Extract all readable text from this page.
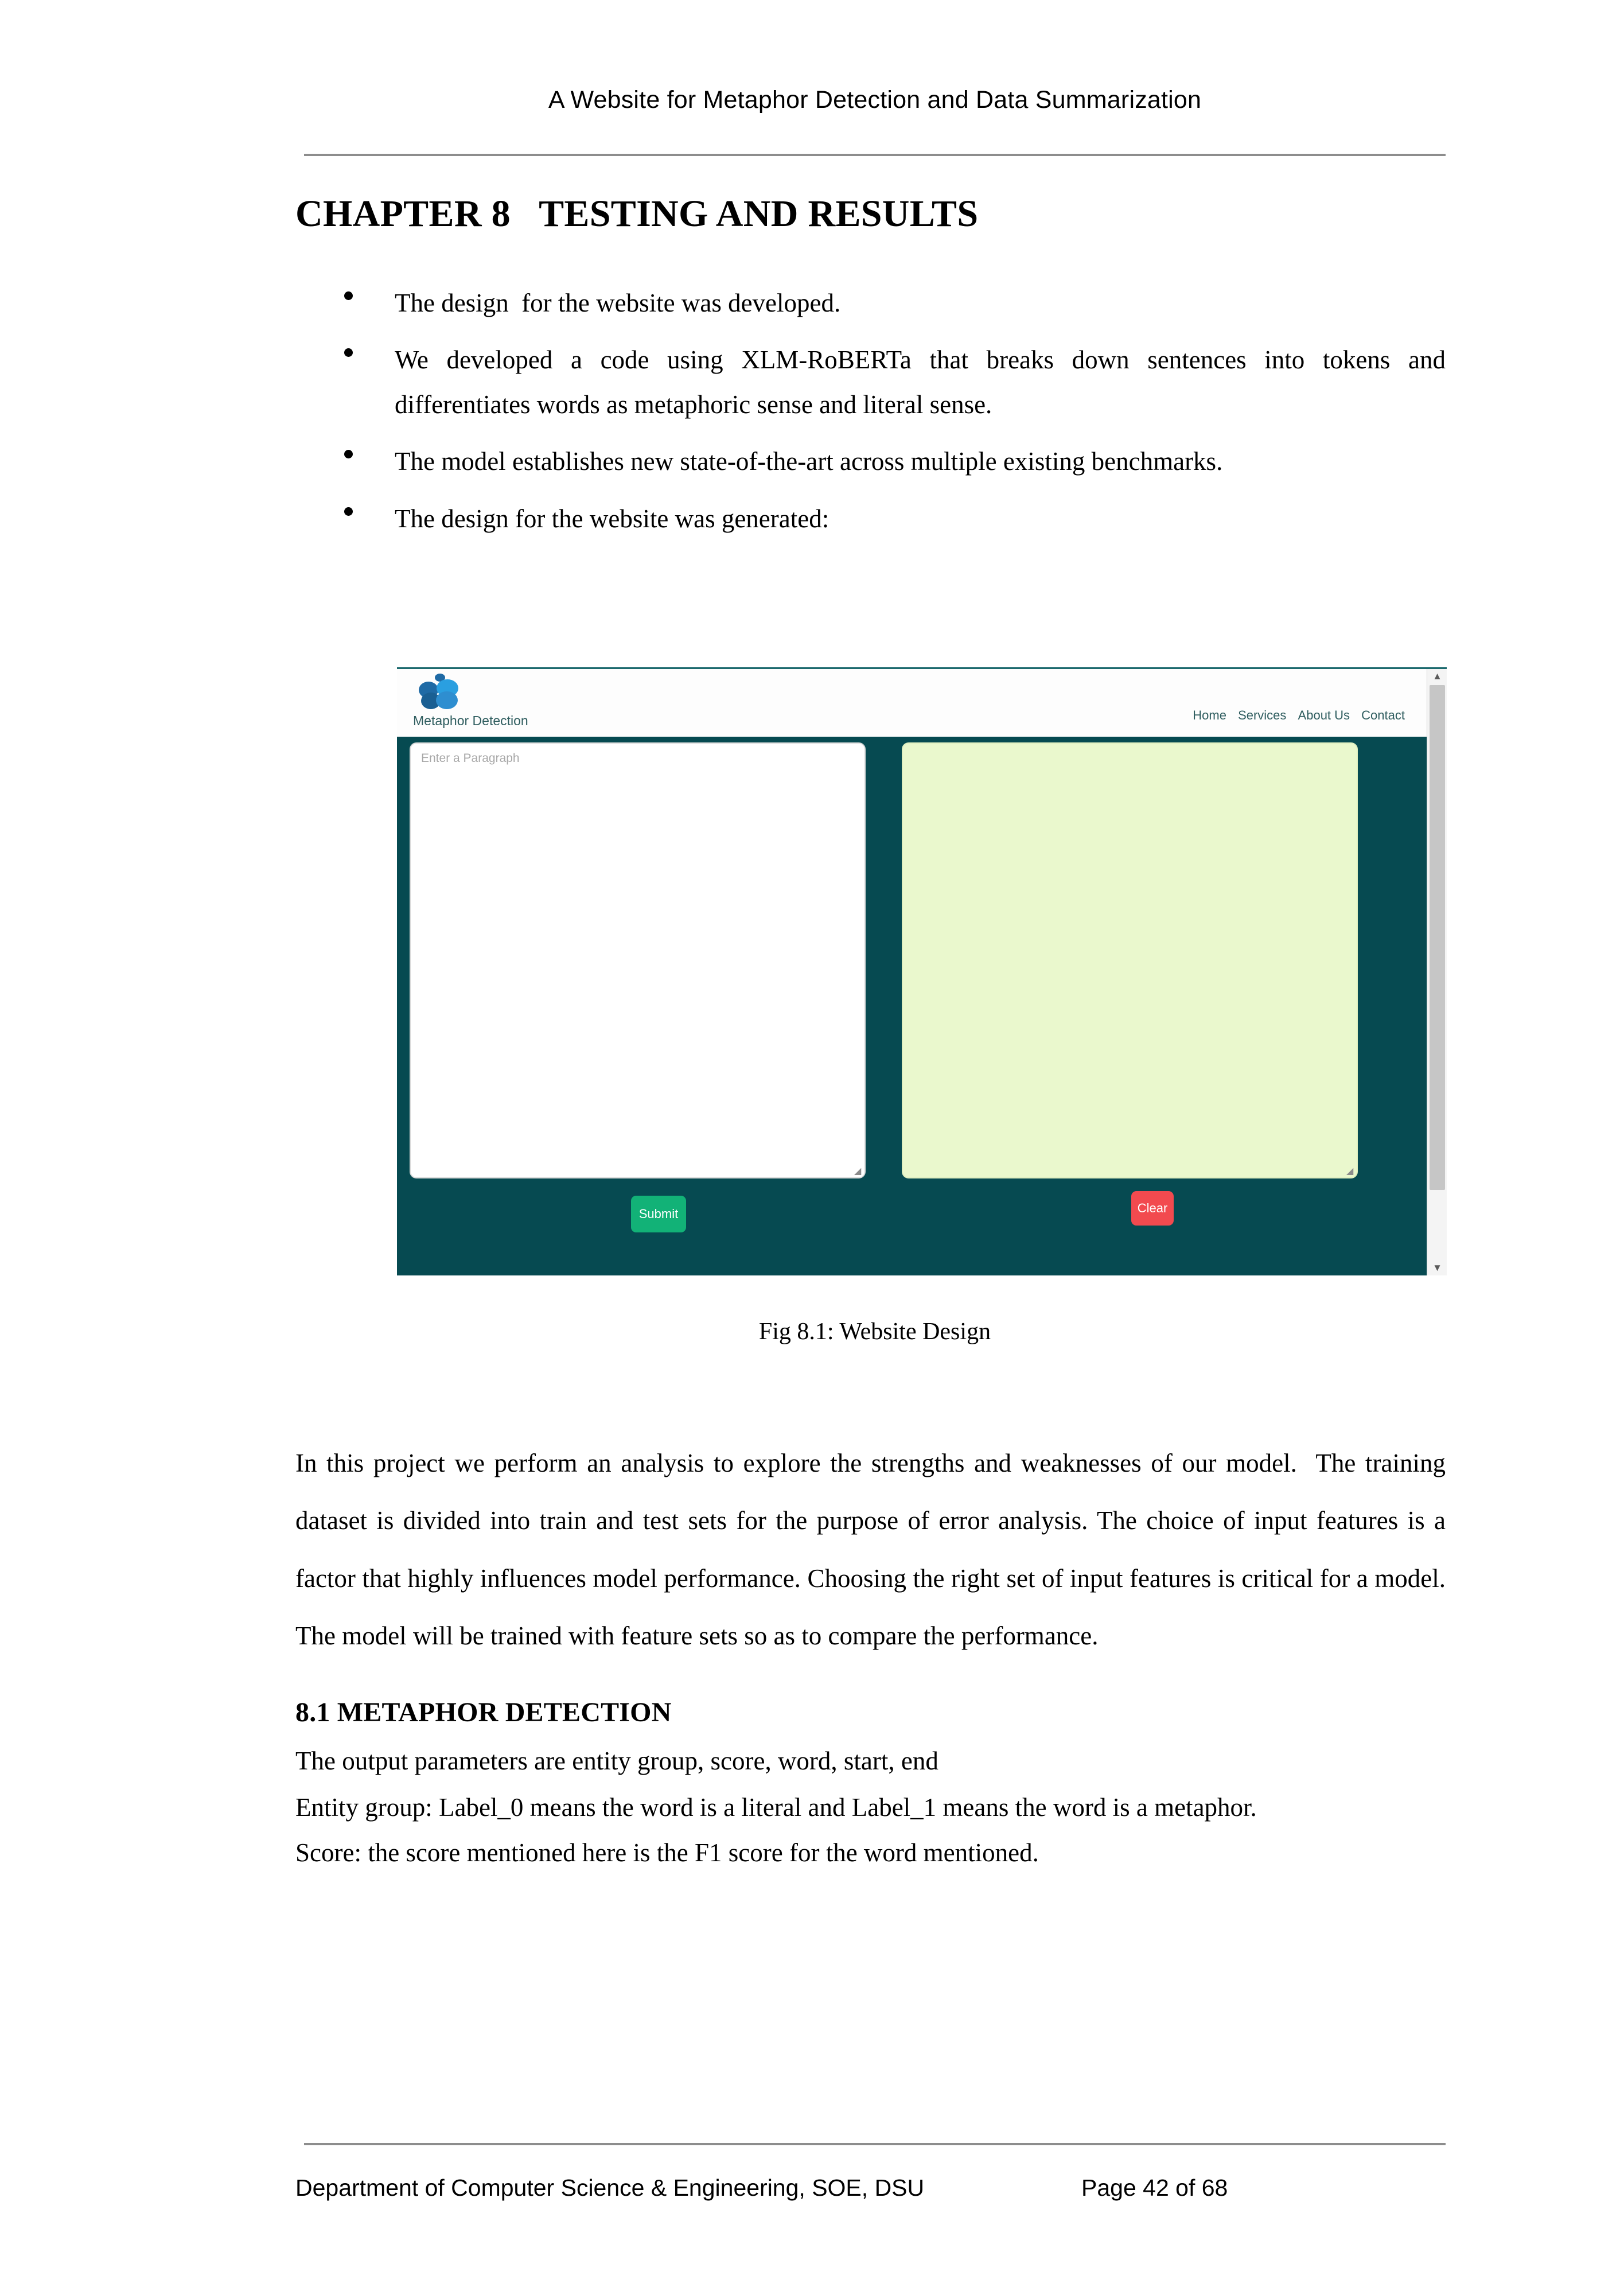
A Website for Metaphor Detection and Data Summarization
CHAPTER 8   TESTING AND RESULTS
The design  for the website was developed.
We developed a code using XLM-RoBERTa that breaks down sentences into tokens and differentiates words as metaphoric sense and literal sense.
The model establishes new state-of-the-art across multiple existing benchmarks.
The design for the website was generated:
Metaphor Detection	Home Services About Us Contact
Enter a Paragraph
◢	◢
Submit	Clear
▲
▼
Fig 8.1: Website Design

In this project we perform an analysis to explore the strengths and weaknesses of our model.  The training dataset is divided into train and test sets for the purpose of error analysis. The choice of input features is a factor that highly influences model performance. Choosing the right set of input features is critical for a model. The model will be trained with feature sets so as to compare the performance.

8.1 METAPHOR DETECTION

The output parameters are entity group, score, word, start, end

Entity group: Label_0 means the word is a literal and Label_1 means the word is a metaphor.

Score: the score mentioned here is the F1 score for the word mentioned.

Department of Computer Science & Engineering, SOE, DSU	Page 42 of 68
